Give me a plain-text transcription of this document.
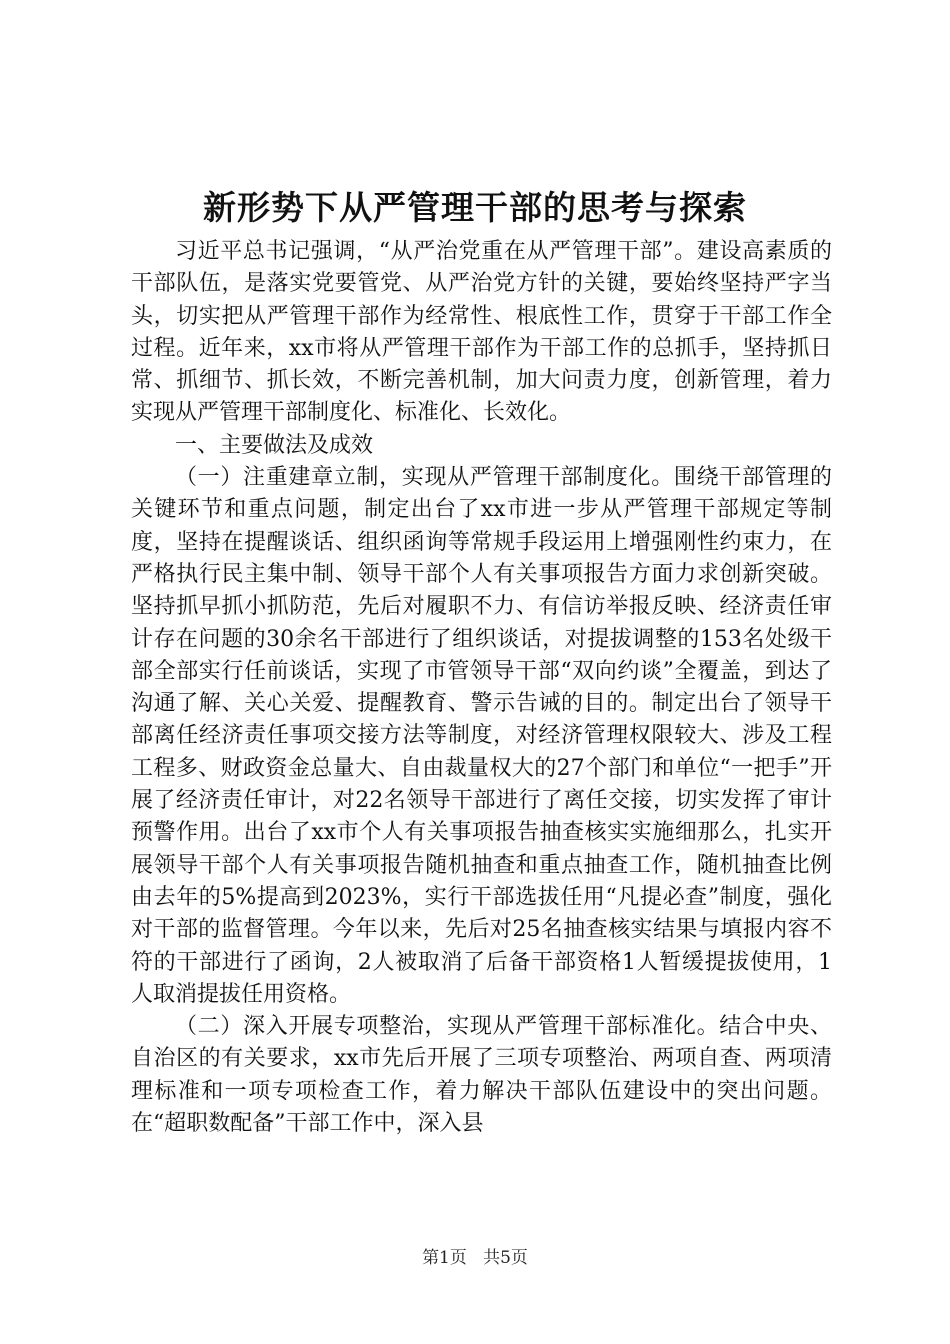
新形势下从严管理干部的思考与探索

习近平总书记强调，“从严治党重在从严管理干部”。建设高素质的干部队伍，是落实党要管党、从严治党方针的关键，要始终坚持严字当头，切实把从严管理干部作为经常性、根底性工作，贯穿于干部工作全过程。近年来，xx市将从严管理干部作为干部工作的总抓手，坚持抓日常、抓细节、抓长效，不断完善机制，加大问责力度，创新管理，着力实现从严管理干部制度化、标准化、长效化。

一、主要做法及成效

（一）注重建章立制，实现从严管理干部制度化。围绕干部管理的关键环节和重点问题，制定出台了xx市进一步从严管理干部规定等制度，坚持在提醒谈话、组织函询等常规手段运用上增强刚性约束力，在严格执行民主集中制、领导干部个人有关事项报告方面力求创新突破。坚持抓早抓小抓防范，先后对履职不力、有信访举报反映、经济责任审计存在问题的30余名干部进行了组织谈话，对提拔调整的153名处级干部全部实行任前谈话，实现了市管领导干部“双向约谈”全覆盖，到达了沟通了解、关心关爱、提醒教育、警示告诫的目的。制定出台了领导干部离任经济责任事项交接方法等制度，对经济管理权限较大、涉及工程工程多、财政资金总量大、自由裁量权大的27个部门和单位“一把手”开展了经济责任审计，对22名领导干部进行了离任交接，切实发挥了审计预警作用。出台了xx市个人有关事项报告抽查核实实施细那么，扎实开展领导干部个人有关事项报告随机抽查和重点抽查工作，随机抽查比例由去年的5%提高到2023%，实行干部选拔任用“凡提必查”制度，强化对干部的监督管理。今年以来，先后对25名抽查核实结果与填报内容不符的干部进行了函询，2人被取消了后备干部资格1人暂缓提拔使用，1人取消提拔任用资格。

（二）深入开展专项整治，实现从严管理干部标准化。结合中央、自治区的有关要求，xx市先后开展了三项专项整治、两项自查、两项清理标准和一项专项检查工作，着力解决干部队伍建设中的突出问题。在“超职数配备”干部工作中，深入县

第1页 共5页
